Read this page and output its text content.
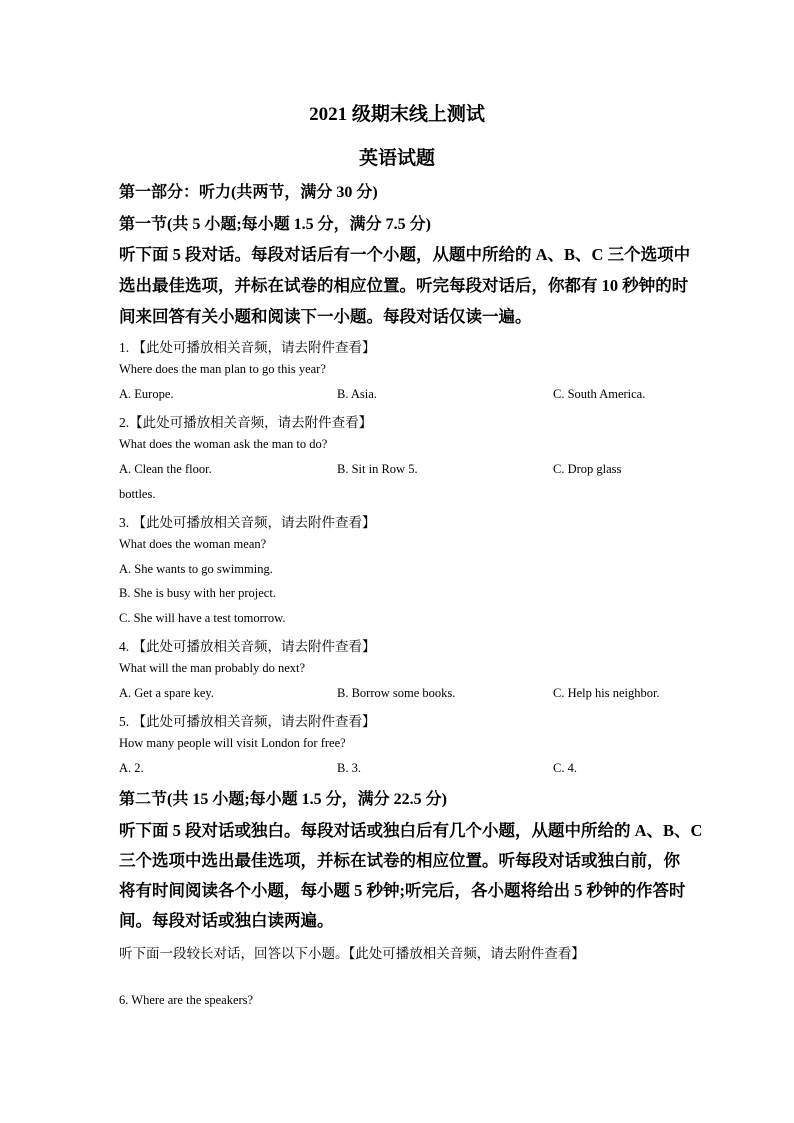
2021 级期末线上测试
英语试题
第一部分：听力(共两节，满分 30 分)
第一节(共 5 小题;每小题 1.5 分，满分 7.5 分)
听下面 5 段对话。每段对话后有一个小题，从题中所给的 A、B、C 三个选项中
选出最佳选项，并标在试卷的相应位置。听完每段对话后，你都有 10 秒钟的时
间来回答有关小题和阅读下一小题。每段对话仅读一遍。
1. 【此处可播放相关音频，请去附件查看】
Where does the man plan to go this year?
A. Europe.	B. Asia.	C. South America.
2.【此处可播放相关音频，请去附件查看】
What does the woman ask the man to do?
A. Clean the floor.	B. Sit in Row 5.	C. Drop glass
bottles.
3. 【此处可播放相关音频，请去附件查看】
What does the woman mean?
A. She wants to go swimming.
B. She is busy with her project.
C. She will have a test tomorrow.
4. 【此处可播放相关音频，请去附件查看】
What will the man probably do next?
A. Get a spare key.	B. Borrow some books.	C. Help his neighbor.
5. 【此处可播放相关音频，请去附件查看】
How many people will visit London for free?
A. 2.	B. 3.	C. 4.
第二节(共 15 小题;每小题 1.5 分，满分 22.5 分)
听下面 5 段对话或独白。每段对话或独白后有几个小题，从题中所给的 A、B、C
三个选项中选出最佳选项，并标在试卷的相应位置。听每段对话或独白前，你
将有时间阅读各个小题，每小题 5 秒钟;听完后，各小题将给出 5 秒钟的作答时
间。每段对话或独白读两遍。
听下面一段较长对话，回答以下小题。【此处可播放相关音频，请去附件查看】
6. Where are the speakers?
